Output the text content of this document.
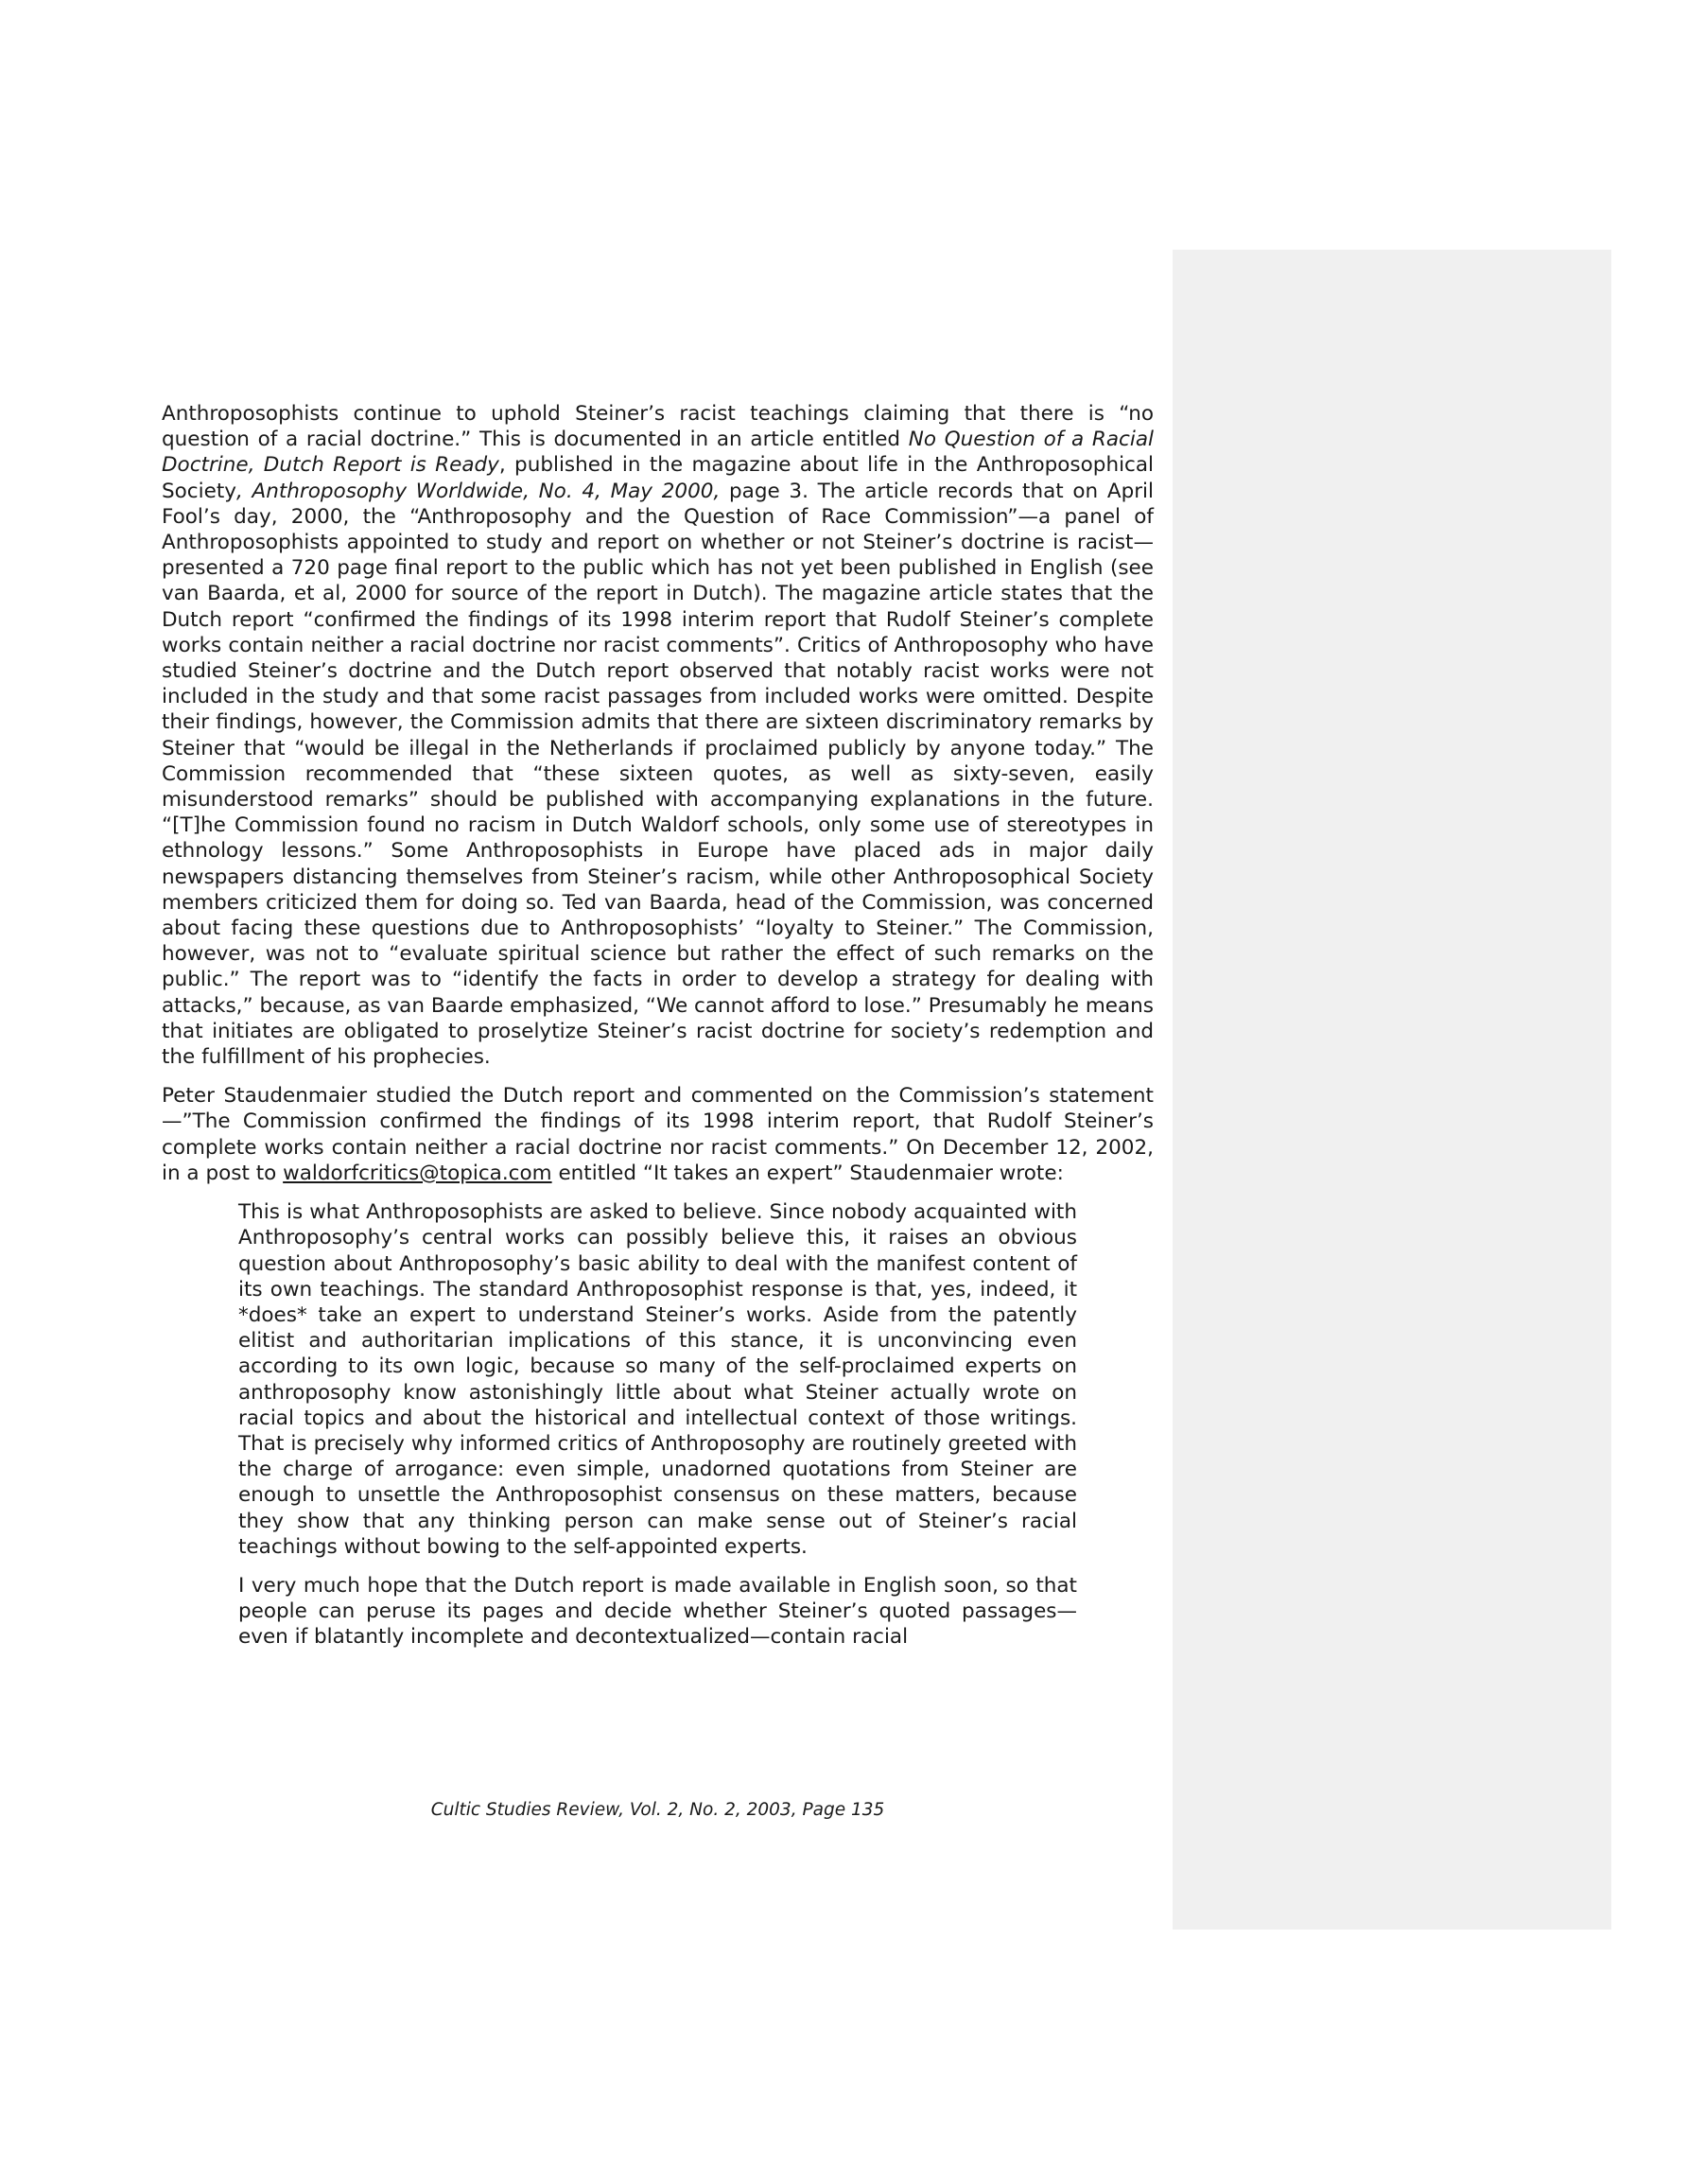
Anthroposophists continue to uphold Steiner’s racist teachings claiming that there is “no question of a racial doctrine.” This is documented in an article entitled No Question of a Racial Doctrine, Dutch Report is Ready, published in the magazine about life in the Anthroposophical Society, Anthroposophy Worldwide, No. 4, May 2000, page 3. The article records that on April Fool’s day, 2000, the “Anthroposophy and the Question of Race Commission”—a panel of Anthroposophists appointed to study and report on whether or not Steiner’s doctrine is racist—presented a 720 page final report to the public which has not yet been published in English (see van Baarda, et al, 2000 for source of the report in Dutch). The magazine article states that the Dutch report “confirmed the findings of its 1998 interim report that Rudolf Steiner’s complete works contain neither a racial doctrine nor racist comments”. Critics of Anthroposophy who have studied Steiner’s doctrine and the Dutch report observed that notably racist works were not included in the study and that some racist passages from included works were omitted. Despite their findings, however, the Commission admits that there are sixteen discriminatory remarks by Steiner that “would be illegal in the Netherlands if proclaimed publicly by anyone today.” The Commission recommended that “these sixteen quotes, as well as sixty-seven, easily misunderstood remarks” should be published with accompanying explanations in the future. “[T]he Commission found no racism in Dutch Waldorf schools, only some use of stereotypes in ethnology lessons.” Some Anthroposophists in Europe have placed ads in major daily newspapers distancing themselves from Steiner’s racism, while other Anthroposophical Society members criticized them for doing so. Ted van Baarda, head of the Commission, was concerned about facing these questions due to Anthroposophists’ “loyalty to Steiner.” The Commission, however, was not to “evaluate spiritual science but rather the effect of such remarks on the public.” The report was to “identify the facts in order to develop a strategy for dealing with attacks,” because, as van Baarde emphasized, “We cannot afford to lose.” Presumably he means that initiates are obligated to proselytize Steiner’s racist doctrine for society’s redemption and the fulfillment of his prophecies.

Peter Staudenmaier studied the Dutch report and commented on the Commission’s statement—”The Commission confirmed the findings of its 1998 interim report, that Rudolf Steiner’s complete works contain neither a racial doctrine nor racist comments.” On December 12, 2002, in a post to waldorfcritics@topica.com entitled “It takes an expert” Staudenmaier wrote:

This is what Anthroposophists are asked to believe. Since nobody acquainted with Anthroposophy’s central works can possibly believe this, it raises an obvious question about Anthroposophy’s basic ability to deal with the manifest content of its own teachings. The standard Anthroposophist response is that, yes, indeed, it *does* take an expert to understand Steiner’s works. Aside from the patently elitist and authoritarian implications of this stance, it is unconvincing even according to its own logic, because so many of the self-proclaimed experts on anthroposophy know astonishingly little about what Steiner actually wrote on racial topics and about the historical and intellectual context of those writings. That is precisely why informed critics of Anthroposophy are routinely greeted with the charge of arrogance: even simple, unadorned quotations from Steiner are enough to unsettle the Anthroposophist consensus on these matters, because they show that any thinking person can make sense out of Steiner’s racial teachings without bowing to the self-appointed experts.

I very much hope that the Dutch report is made available in English soon, so that people can peruse its pages and decide whether Steiner’s quoted passages—even if blatantly incomplete and decontextualized—contain racial

Cultic Studies Review, Vol. 2, No. 2, 2003, Page 135
